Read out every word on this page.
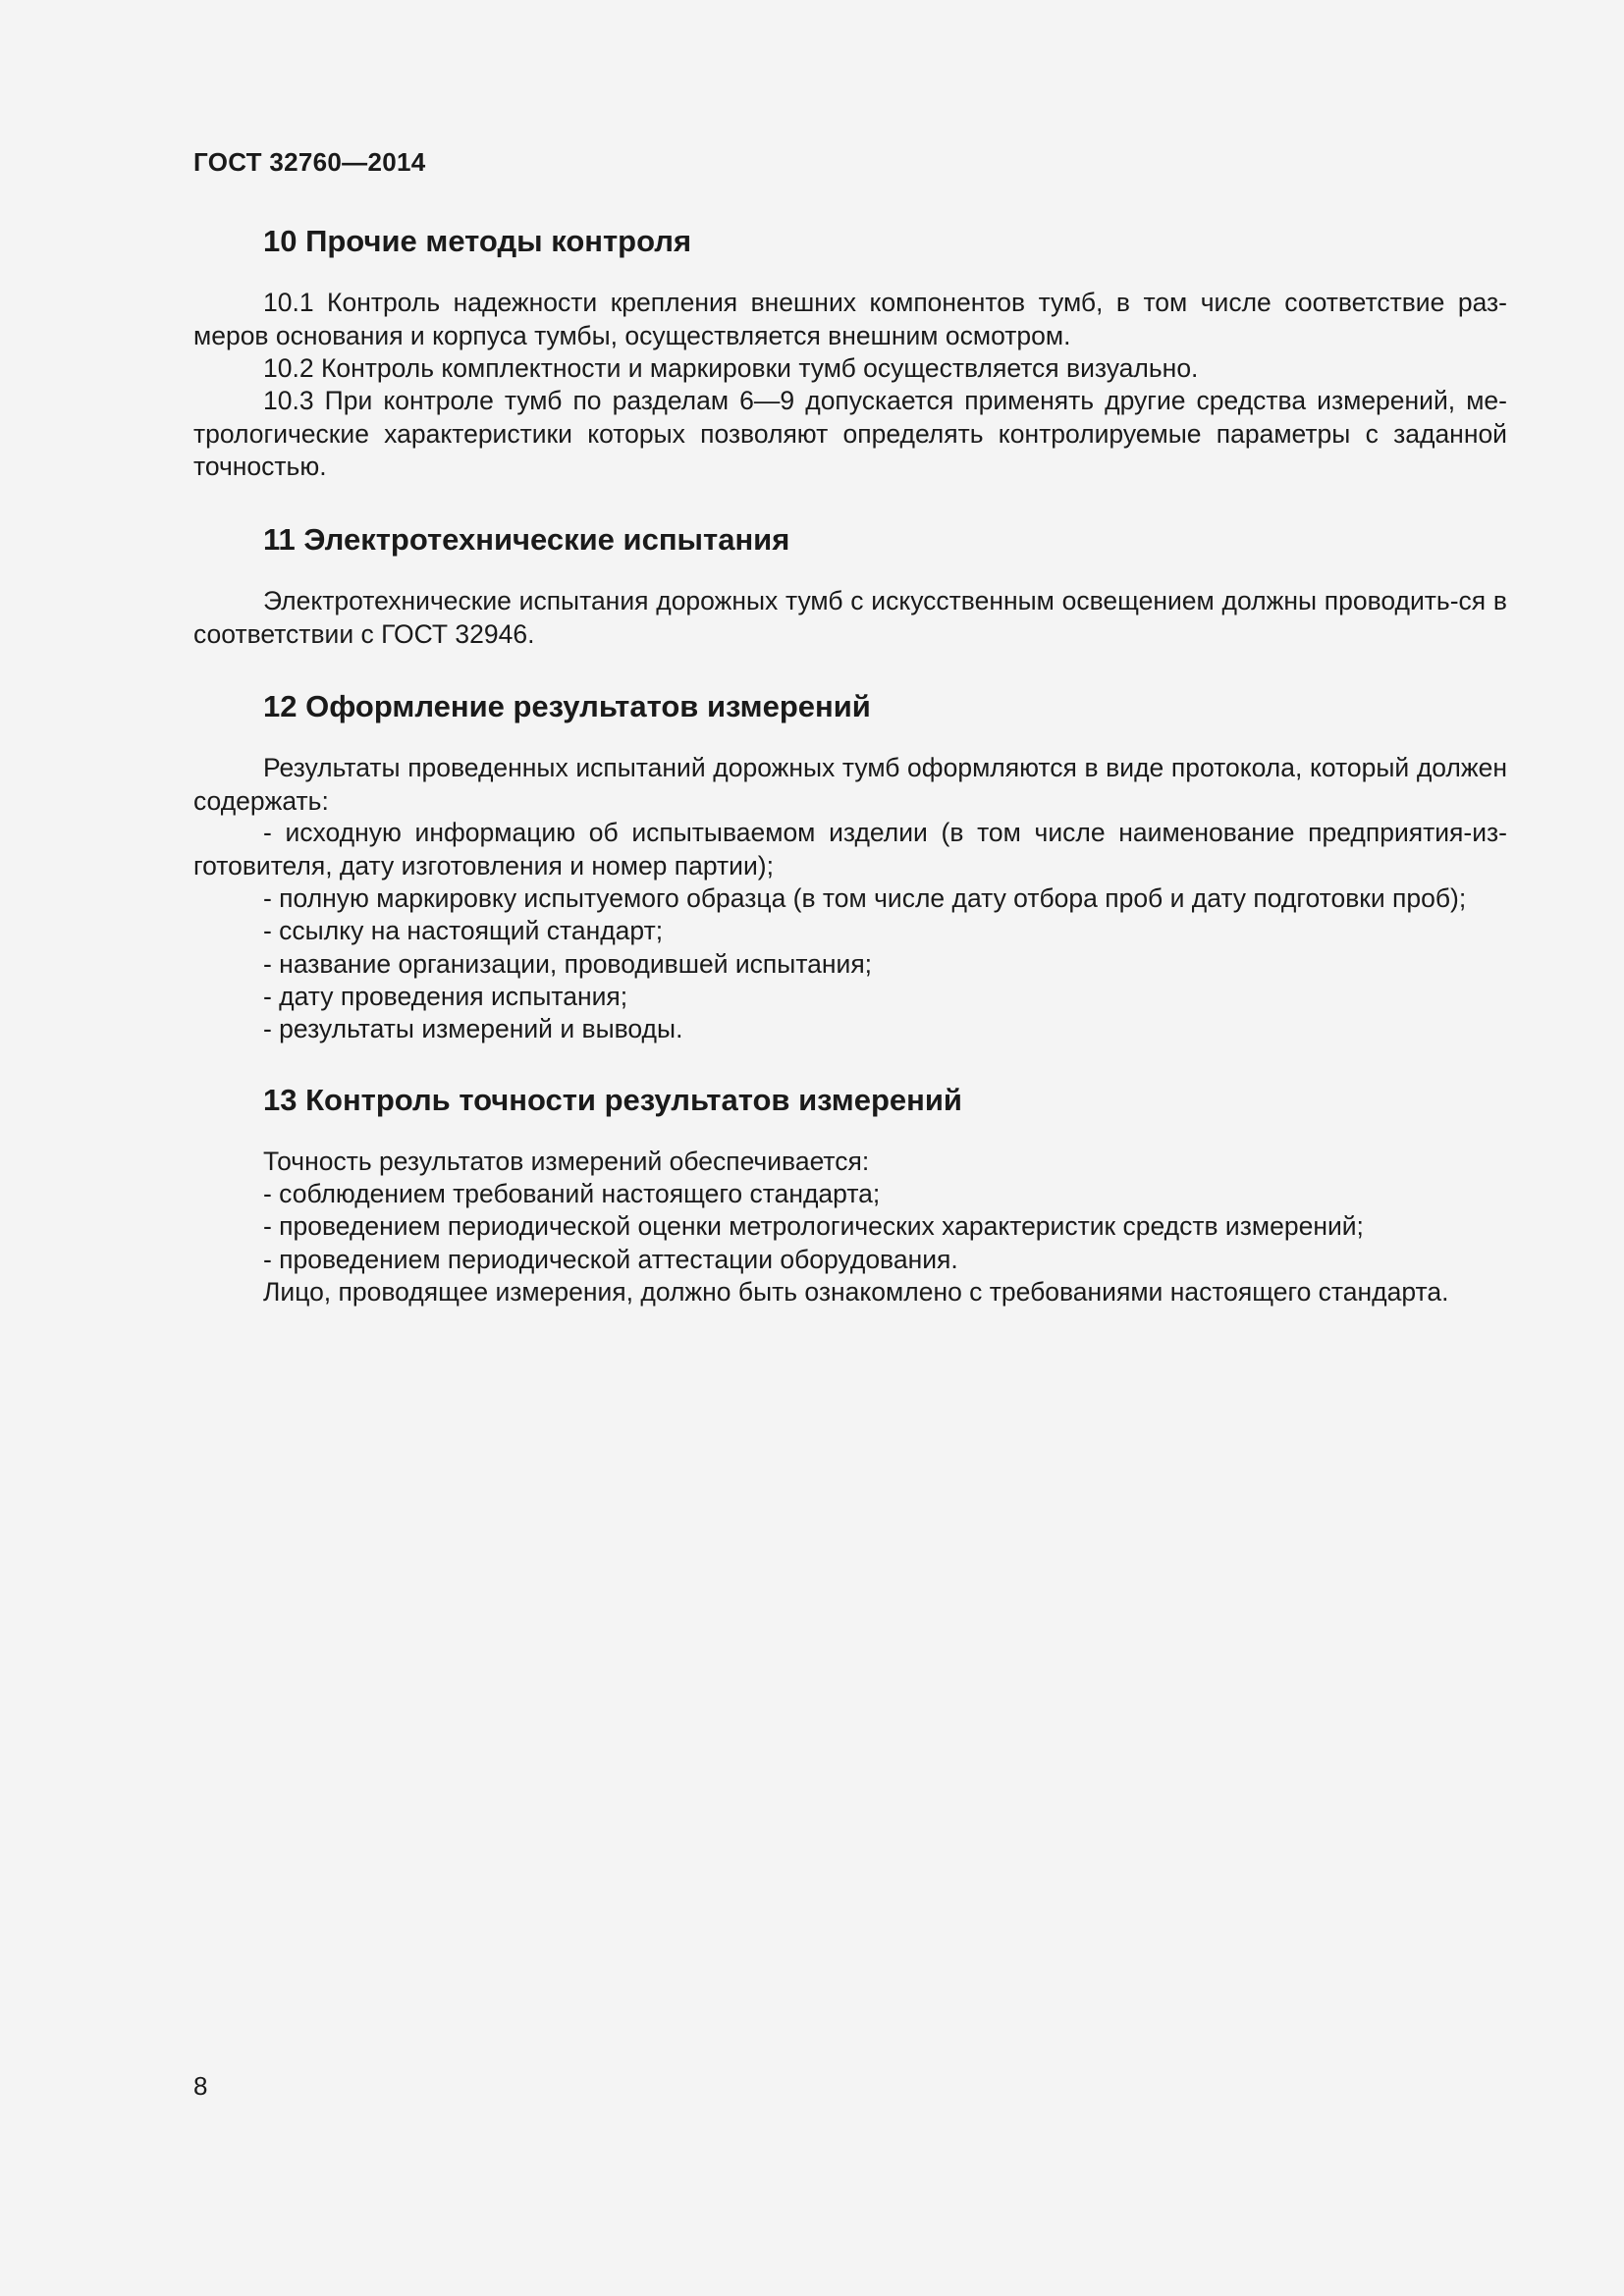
ГОСТ 32760—2014
10 Прочие методы контроля

10.1 Контроль надежности крепления внешних компонентов тумб, в том числе соответствие раз-меров основания и корпуса тумбы, осуществляется внешним осмотром.

10.2 Контроль комплектности и маркировки тумб осуществляется визуально.

10.3 При контроле тумб по разделам 6—9 допускается применять другие средства измерений, ме-трологические характеристики которых позволяют определять контролируемые параметры с заданной точностью.

11 Электротехнические испытания

Электротехнические испытания дорожных тумб с искусственным освещением должны проводить-ся в соответствии с ГОСТ 32946.

12 Оформление результатов измерений

Результаты проведенных испытаний дорожных тумб оформляются в виде протокола, который должен содержать:

- исходную информацию об испытываемом изделии (в том числе наименование предприятия-из-готовителя, дату изготовления и номер партии);

- полную маркировку испытуемого образца (в том числе дату отбора проб и дату подготовки проб);

- ссылку на настоящий стандарт;

- название организации, проводившей испытания;

- дату проведения испытания;

- результаты измерений и выводы.

13 Контроль точности результатов измерений

Точность результатов измерений обеспечивается:

- соблюдением требований настоящего стандарта;

- проведением периодической оценки метрологических характеристик средств измерений;

- проведением периодической аттестации оборудования.

Лицо, проводящее измерения, должно быть ознакомлено с требованиями настоящего стандарта.

8
